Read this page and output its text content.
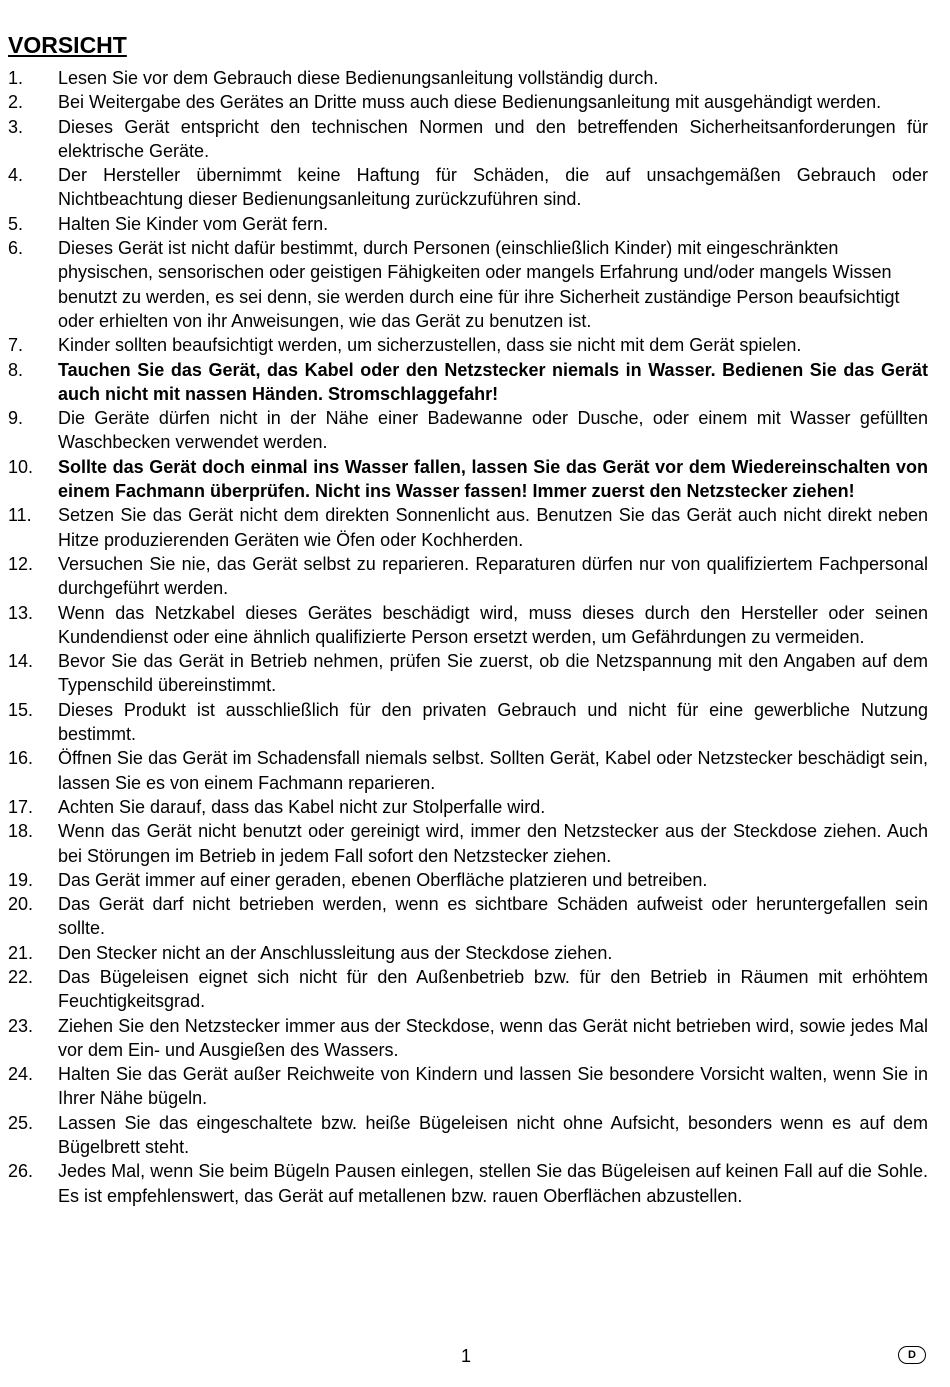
VORSICHT
1. Lesen Sie vor dem Gebrauch diese Bedienungsanleitung vollständig durch.
2. Bei Weitergabe des Gerätes an Dritte muss auch diese Bedienungsanleitung mit ausgehändigt werden.
3. Dieses Gerät entspricht den technischen Normen und den betreffenden Sicherheitsanforderungen für elektrische Geräte.
4. Der Hersteller übernimmt keine Haftung für Schäden, die auf unsachgemäßen Gebrauch oder Nichtbeachtung dieser Bedienungsanleitung zurückzuführen sind.
5. Halten Sie Kinder vom Gerät fern.
6. Dieses Gerät ist nicht dafür bestimmt, durch Personen (einschließlich Kinder) mit eingeschränkten physischen, sensorischen oder geistigen Fähigkeiten oder mangels Erfahrung und/oder mangels Wissen benutzt zu werden, es sei denn, sie werden durch eine für ihre Sicherheit zuständige Person beaufsichtigt oder erhielten von ihr Anweisungen, wie das Gerät zu benutzen ist.
7. Kinder sollten beaufsichtigt werden, um sicherzustellen, dass sie nicht mit dem Gerät spielen.
8. Tauchen Sie das Gerät, das Kabel oder den Netzstecker niemals in Wasser. Bedienen Sie das Gerät auch nicht mit nassen Händen. Stromschlaggefahr!
9. Die Geräte dürfen nicht in der Nähe einer Badewanne oder Dusche, oder einem mit Wasser gefüllten Waschbecken verwendet werden.
10. Sollte das Gerät doch einmal ins Wasser fallen, lassen Sie das Gerät vor dem Wiedereinschalten von einem Fachmann überprüfen. Nicht ins Wasser fassen! Immer zuerst den Netzstecker ziehen!
11. Setzen Sie das Gerät nicht dem direkten Sonnenlicht aus. Benutzen Sie das Gerät auch nicht direkt neben Hitze produzierenden Geräten wie Öfen oder Kochherden.
12. Versuchen Sie nie, das Gerät selbst zu reparieren. Reparaturen dürfen nur von qualifiziertem Fachpersonal durchgeführt werden.
13. Wenn das Netzkabel dieses Gerätes beschädigt wird, muss dieses durch den Hersteller oder seinen Kundendienst oder eine ähnlich qualifizierte Person ersetzt werden, um Gefährdungen zu vermeiden.
14. Bevor Sie das Gerät in Betrieb nehmen, prüfen Sie zuerst, ob die Netzspannung mit den Angaben auf dem Typenschild übereinstimmt.
15. Dieses Produkt ist ausschließlich für den privaten Gebrauch und nicht für eine gewerbliche Nutzung bestimmt.
16. Öffnen Sie das Gerät im Schadensfall niemals selbst. Sollten Gerät, Kabel oder Netzstecker beschädigt sein, lassen Sie es von einem Fachmann reparieren.
17. Achten Sie darauf, dass das Kabel nicht zur Stolperfalle wird.
18. Wenn das Gerät nicht benutzt oder gereinigt wird, immer den Netzstecker aus der Steckdose ziehen. Auch bei Störungen im Betrieb in jedem Fall sofort den Netzstecker ziehen.
19. Das Gerät immer auf einer geraden, ebenen Oberfläche platzieren und betreiben.
20. Das Gerät darf nicht betrieben werden, wenn es sichtbare Schäden aufweist oder heruntergefallen sein sollte.
21. Den Stecker nicht an der Anschlussleitung aus der Steckdose ziehen.
22. Das Bügeleisen eignet sich nicht für den Außenbetrieb bzw. für den Betrieb in Räumen mit erhöhtem Feuchtigkeitsgrad.
23. Ziehen Sie den Netzstecker immer aus der Steckdose, wenn das Gerät nicht betrieben wird, sowie jedes Mal vor dem Ein- und Ausgießen des Wassers.
24. Halten Sie das Gerät außer Reichweite von Kindern und lassen Sie besondere Vorsicht walten, wenn Sie in Ihrer Nähe bügeln.
25. Lassen Sie das eingeschaltete bzw. heiße Bügeleisen nicht ohne Aufsicht, besonders wenn es auf dem Bügelbrett steht.
26. Jedes Mal, wenn Sie beim Bügeln Pausen einlegen, stellen Sie das Bügeleisen auf keinen Fall auf die Sohle. Es ist empfehlenswert, das Gerät auf metallenen bzw. rauen Oberflächen abzustellen.
1	D
